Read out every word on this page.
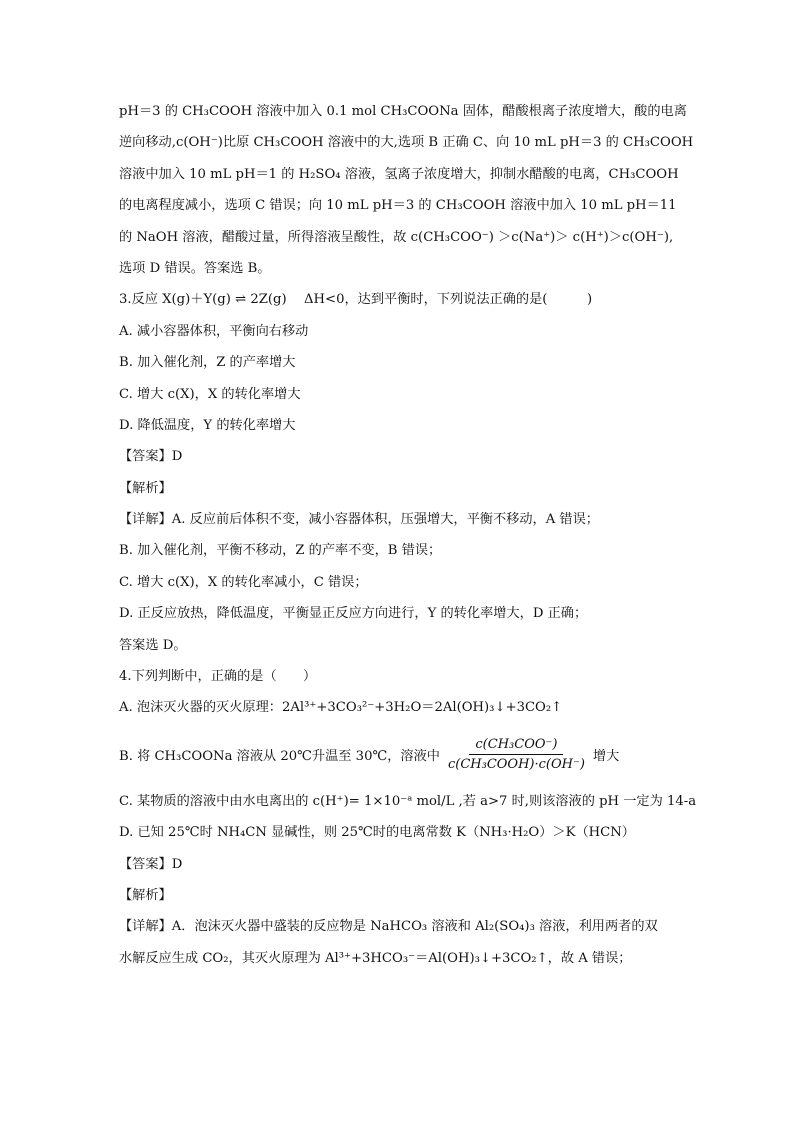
pH＝3 的 CH₃COOH 溶液中加入 0.1 mol CH₃COONa 固体，醋酸根离子浓度增大，酸的电离
逆向移动,c(OH⁻)比原 CH₃COOH 溶液中的大,选项 B 正确 C、向 10 mL pH＝3 的 CH₃COOH
溶液中加入 10 mL pH＝1 的 H₂SO₄ 溶液，氢离子浓度增大，抑制水醋酸的电离，CH₃COOH
的电离程度减小，选项 C 错误；向 10 mL pH＝3 的 CH₃COOH 溶液中加入 10 mL pH＝11
的 NaOH 溶液，醋酸过量，所得溶液呈酸性，故 c(CH₃COO⁻) ＞c(Na⁺)＞ c(H⁺)＞c(OH⁻),
选项 D 错误。答案选 B。
3.反应 X(g)＋Y(g) ⇌ 2Z(g)　 ΔH<0，达到平衡时，下列说法正确的是(　　　)
A. 减小容器体积，平衡向右移动
B. 加入催化剂，Z 的产率增大
C. 增大 c(X)，X 的转化率增大
D. 降低温度，Y 的转化率增大
【答案】D
【解析】
【详解】A. 反应前后体积不变，减小容器体积，压强增大，平衡不移动，A 错误；
B. 加入催化剂，平衡不移动，Z 的产率不变，B 错误；
C. 增大 c(X)，X 的转化率减小，C 错误；
D. 正反应放热，降低温度，平衡显正反应方向进行，Y 的转化率增大，D 正确；
答案选 D。
4.下列判断中，正确的是（　　）
A. 泡沫灭火器的灭火原理：2Al³⁺+3CO₃²⁻+3H₂O＝2Al(OH)₃↓+3CO₂↑
B. 将 CH₃COONa 溶液从 20℃升温至 30℃，溶液中 $\frac{\text{c(CH₃COO⁻)}}{\text{c(CH₃COOH)·c(OH⁻)}}$ 增大
C. 某物质的溶液中由水电离出的 c(H⁺)= 1×10⁻ᵃ mol/L ,若 a>7 时,则该溶液的 pH 一定为 14-a
D. 已知 25℃时 NH₄CN 显碱性，则 25℃时的电离常数 K（NH₃·H₂O）＞K（HCN）
【答案】D
【解析】
【详解】A．泡沫灭火器中盛装的反应物是 NaHCO₃ 溶液和 Al₂(SO₄)₃ 溶液，利用两者的双
水解反应生成 CO₂，其灭火原理为 Al³⁺+3HCO₃⁻＝Al(OH)₃↓+3CO₂↑，故 A 错误；
